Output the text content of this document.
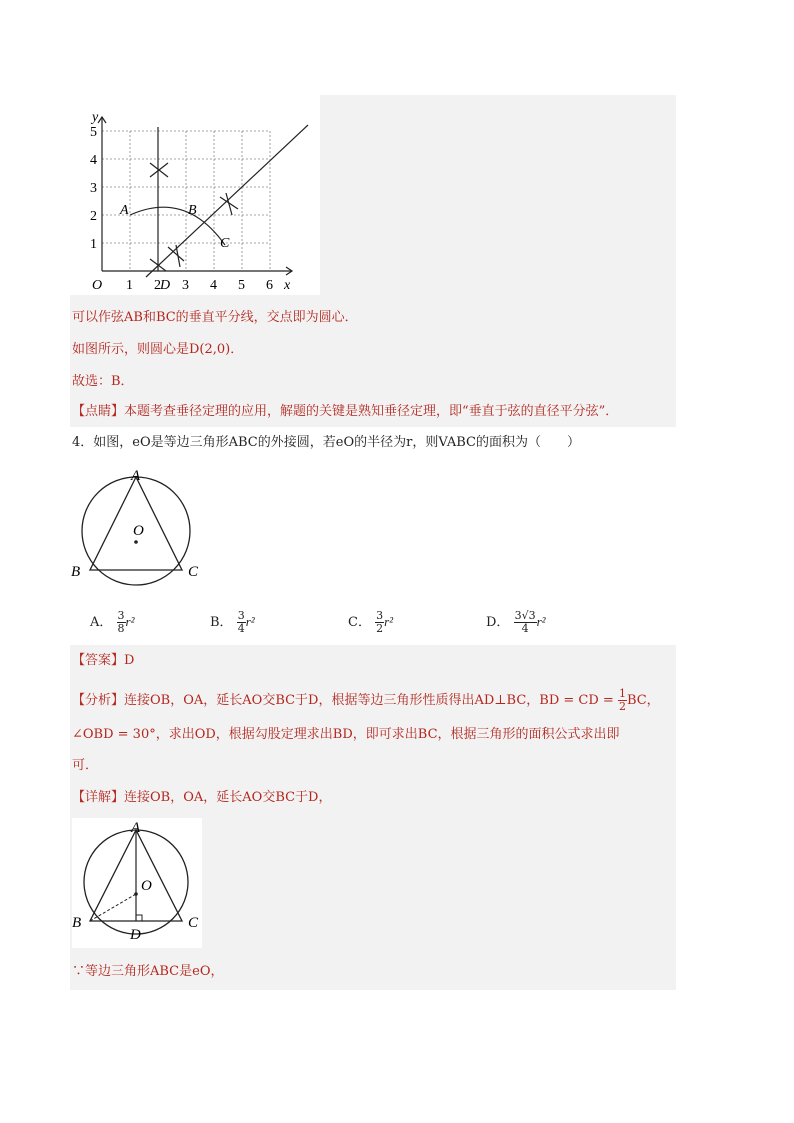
y
x
O 1 2 3 4 5 6
1
2
3
4
5
A	B
C
D
可以作弦AB和BC的垂直平分线，交点即为圆心．
如图所示，则圆心是D(2,0)．
故选：B．
【点睛】本题考查垂径定理的应用，解题的关键是熟知垂径定理，即“垂直于弦的直径平分弦”．
4．如图，eO是等边三角形ABC的外接圆，若eO的半径为r，则VABC的面积为（　　）
A
B	C
O
A． $\frac{3}{8} r^2$	B． $\frac{3}{4} r^2$	C． $\frac{3}{2} r^2$	D． $\frac{3√3}{4} r^2$
【答案】D
【分析】连接OB，OA，延长AO交BC于D，根据等边三角形性质得出AD⊥BC，BD = CD = $\frac{1}{2}$ BC，
∠OBD = 30°，求出OD，根据勾股定理求出BD，即可求出BC，根据三角形的面积公式求出即
可．
【详解】连接OB，OA，延长AO交BC于D，
A
B	C
O
D
∵等边三角形ABC是eO，
